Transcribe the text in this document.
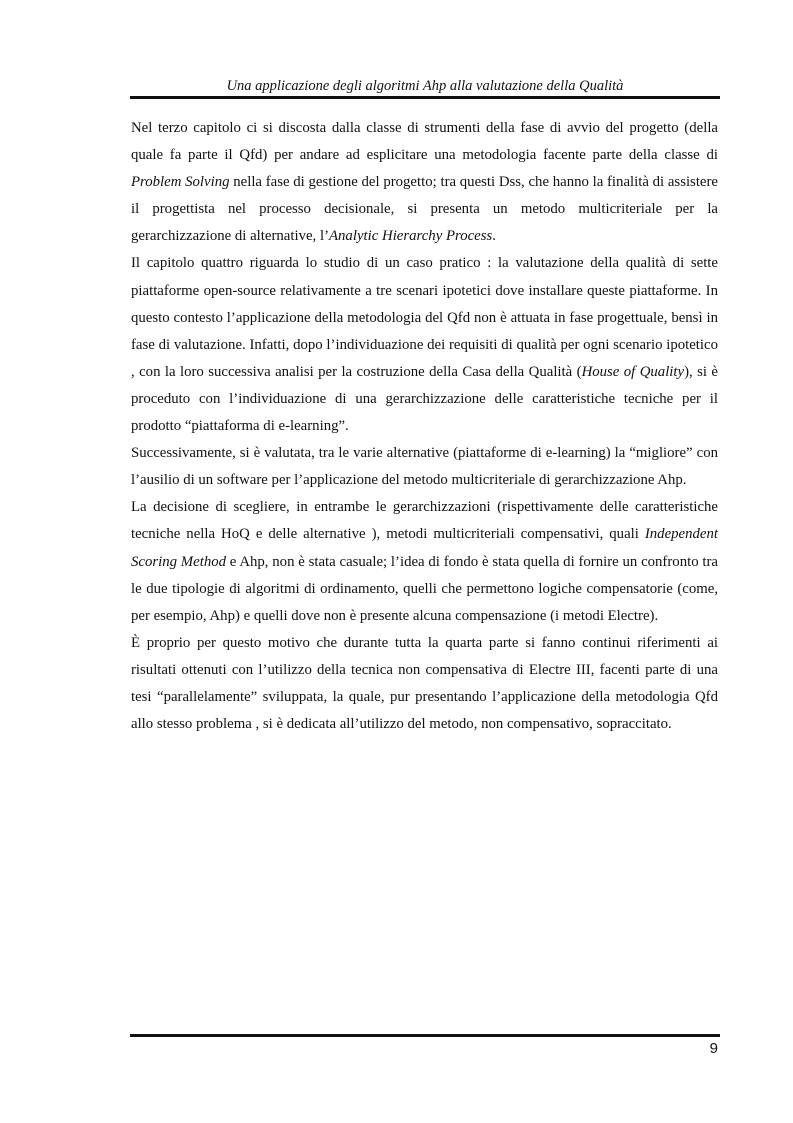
Una applicazione degli algoritmi Ahp alla valutazione della Qualità

Nel terzo capitolo ci si discosta dalla classe di strumenti della fase di avvio del progetto (della quale fa parte il Qfd) per andare ad esplicitare una metodologia facente parte della classe di Problem Solving nella fase di gestione del progetto; tra questi Dss, che hanno la finalità di assistere il progettista nel processo decisionale, si presenta un metodo multicriteriale per la gerarchizzazione di alternative, l’Analytic Hierarchy Process.

Il capitolo quattro riguarda lo studio di un caso pratico : la valutazione della qualità di sette piattaforme open-source relativamente a tre scenari ipotetici dove installare queste piattaforme. In questo contesto l’applicazione della metodologia del Qfd non è attuata in fase progettuale, bensì in fase di valutazione. Infatti, dopo l’individuazione dei requisiti di qualità per ogni scenario ipotetico , con la loro successiva analisi per la costruzione della Casa della Qualità (House of Quality), si è proceduto con l’individuazione di una gerarchizzazione delle caratteristiche tecniche per il prodotto “piattaforma di e-learning”.

Successivamente, si è valutata, tra le varie alternative (piattaforme di e-learning) la “migliore” con l’ausilio di un software per l’applicazione del metodo multicriteriale di gerarchizzazione Ahp.

La decisione di scegliere, in entrambe le gerarchizzazioni (rispettivamente delle caratteristiche tecniche nella HoQ e delle alternative ), metodi multicriteriali compensativi, quali Independent Scoring Method e Ahp, non è stata casuale; l’idea di fondo è stata quella di fornire un confronto tra le due tipologie di algoritmi di ordinamento, quelli che permettono logiche compensatorie (come, per esempio, Ahp) e quelli dove non è presente alcuna compensazione (i metodi Electre).

È proprio per questo motivo che durante tutta la quarta parte si fanno continui riferimenti ai risultati ottenuti con l’utilizzo della tecnica non compensativa di Electre III, facenti parte di una tesi “parallelamente” sviluppata, la quale, pur presentando l’applicazione della metodologia Qfd allo stesso problema , si è dedicata all’utilizzo del metodo, non compensativo, sopraccitato.

9
